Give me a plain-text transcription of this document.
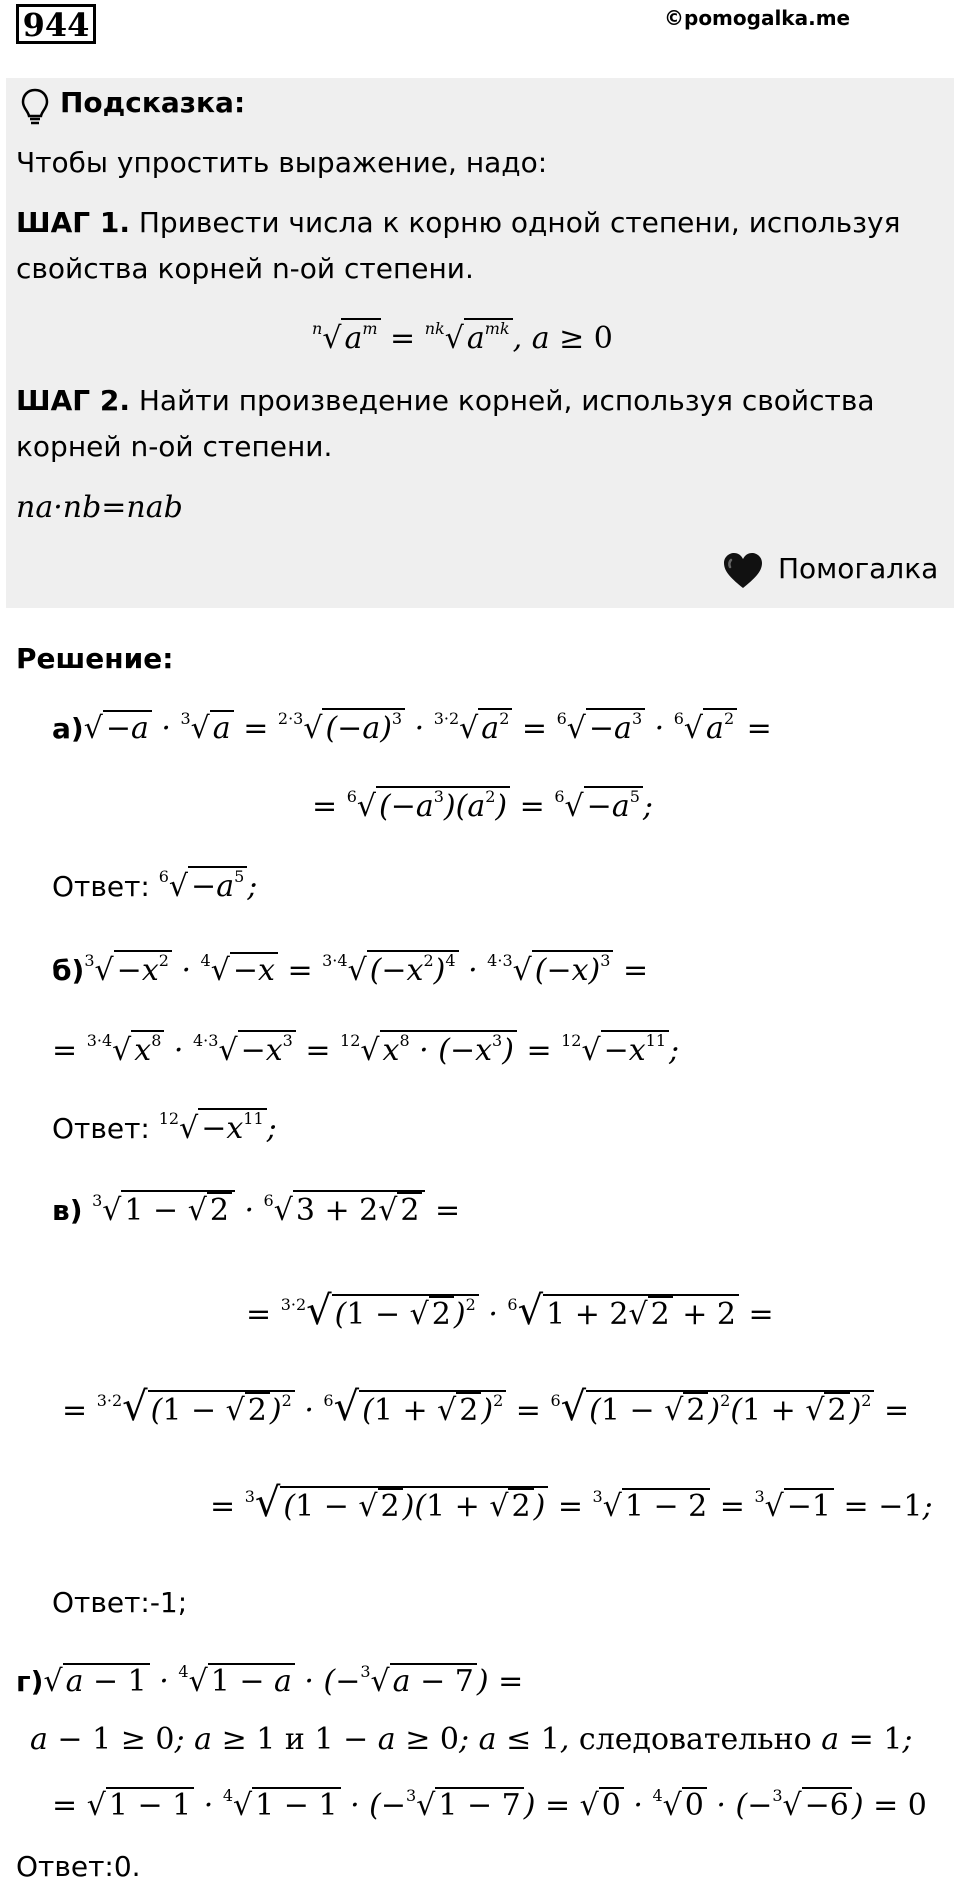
944	©pomogalka.me
Подсказка:
Чтобы упростить выражение, надо:
ШАГ 1. Привести числа к корню одной степени, используя
свойства корней n-ой степени.
$^n$√ $a^m = ^{nk}√$ $a^{mk}$ , a ≥ 0
ШАГ 2. Найти произведение корней, используя свойства
корней n-ой степени.
na·nb=nab
Помогалка
Решение:
а)√ −a · $^3$√ a = $^{2\cdot 3}$√ $(-a)^3 \cdot ^{3\cdot 2}√$ $a^2 = ^6√ -a^3 \cdot ^6√$ $a^2$ =
= $^6$√ $(-a^3)(a^2) = ^6√ -a^5$ ;
Ответ: $^6√ -a^5$ ;
$б)^3√ -x^2 \cdot ^4√ -x = ^{3\cdot 4}√$ $(-x^2)^4 \cdot ^{4\cdot 3}√$ $(-x)^3$ =
= $^{3\cdot 4}$√ $x^8 \cdot ^{4\cdot 3}√ -x^3 = ^{12}√$ $x^8 \cdot (-x^3) = ^{12}√ -x^{11}$ ;
Ответ: $^{12}√ -x^{11}$ ;
в) $^3$√ 1 − √ 2 · $^6$√ 3 + 2√ 2 =
= $^{3\cdot 2}$√ (1 − √ 2 )$^2$ · $^6$√ 1 + 2√ 2 + 2 =
= $^{3\cdot 2}$√ (1 − √ 2 )$^2$ · $^6$√ (1 + √ 2 )$^2$ = $^6$√ (1 − √ 2 )$^2$(1 + √ 2 )$^2$ =
= $^3$√ (1 − √ 2 )(1 + √ 2 ) = $^3$√ 1 − 2 = $^3$√ −1 = −1;
Ответ:-1;
г)√ a − 1 · $^4$√ 1 − a · (−$^3$√ a − 7 ) =
a − 1 ≥ 0; a ≥ 1 и 1 − a ≥ 0; a ≤ 1, следовательно a = 1;
= √ 1 − 1 · $^4$√ 1 − 1 · (−$^3$√ 1 − 7 ) = √ 0 · $^4$√ 0 · (−$^3$√ −6 ) = 0
Ответ:0.
